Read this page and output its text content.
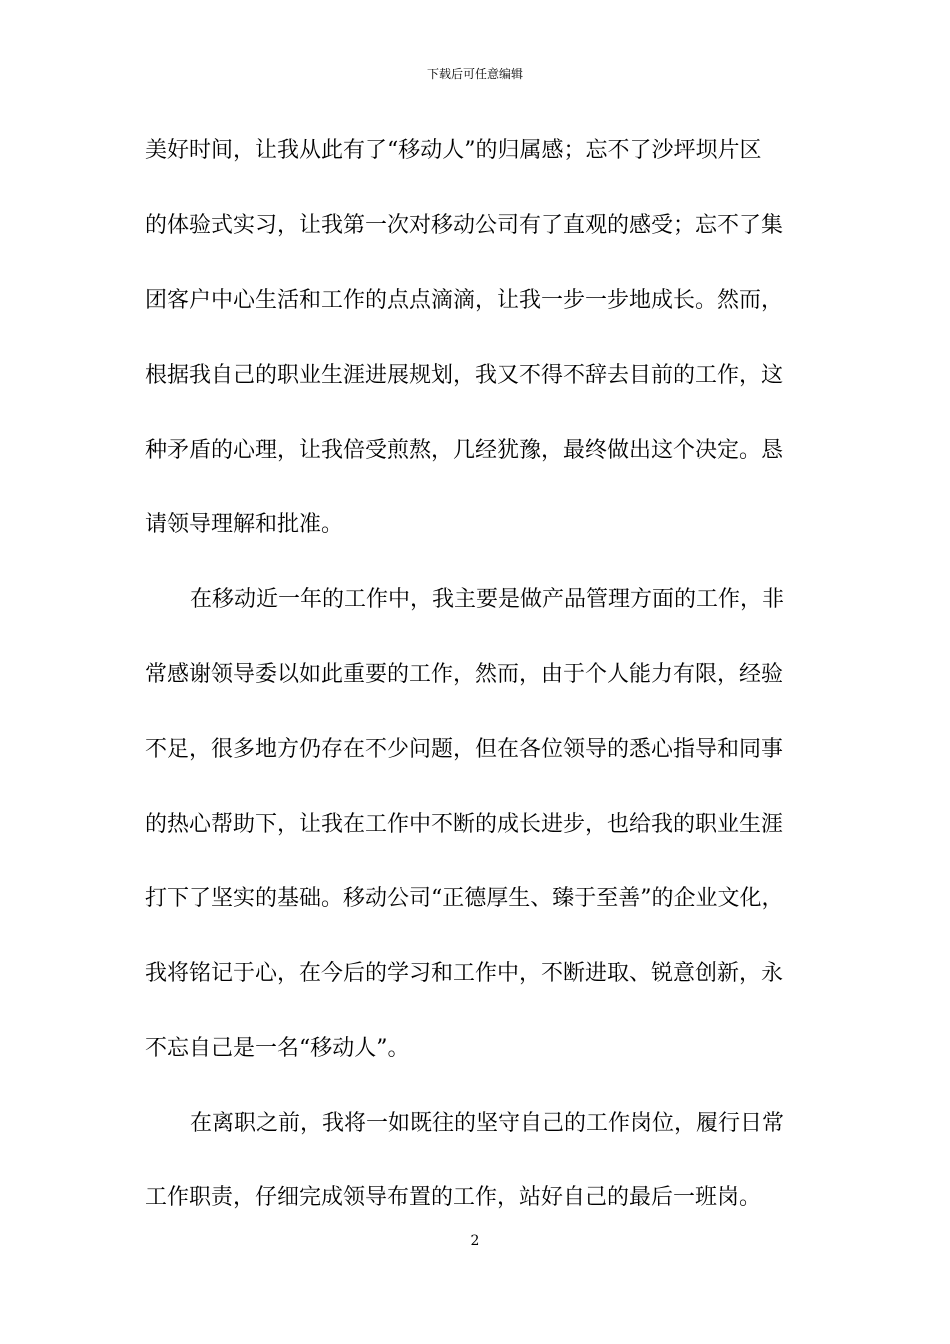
下载后可任意编辑
美好时间，让我从此有了“移动人”的归属感；忘不了沙坪坝片区
的体验式实习，让我第一次对移动公司有了直观的感受；忘不了集
团客户中心生活和工作的点点滴滴，让我一步一步地成长。然而，
根据我自己的职业生涯进展规划，我又不得不辞去目前的工作，这
种矛盾的心理，让我倍受煎熬，几经犹豫，最终做出这个决定。恳
请领导理解和批准。
在移动近一年的工作中，我主要是做产品管理方面的工作，非
常感谢领导委以如此重要的工作，然而，由于个人能力有限，经验
不足，很多地方仍存在不少问题，但在各位领导的悉心指导和同事
的热心帮助下，让我在工作中不断的成长进步，也给我的职业生涯
打下了坚实的基础。移动公司“正德厚生、臻于至善”的企业文化，
我将铭记于心，在今后的学习和工作中，不断进取、锐意创新，永
不忘自己是一名“移动人”。
在离职之前，我将一如既往的坚守自己的工作岗位，履行日常
工作职责，仔细完成领导布置的工作，站好自己的最后一班岗。
2
